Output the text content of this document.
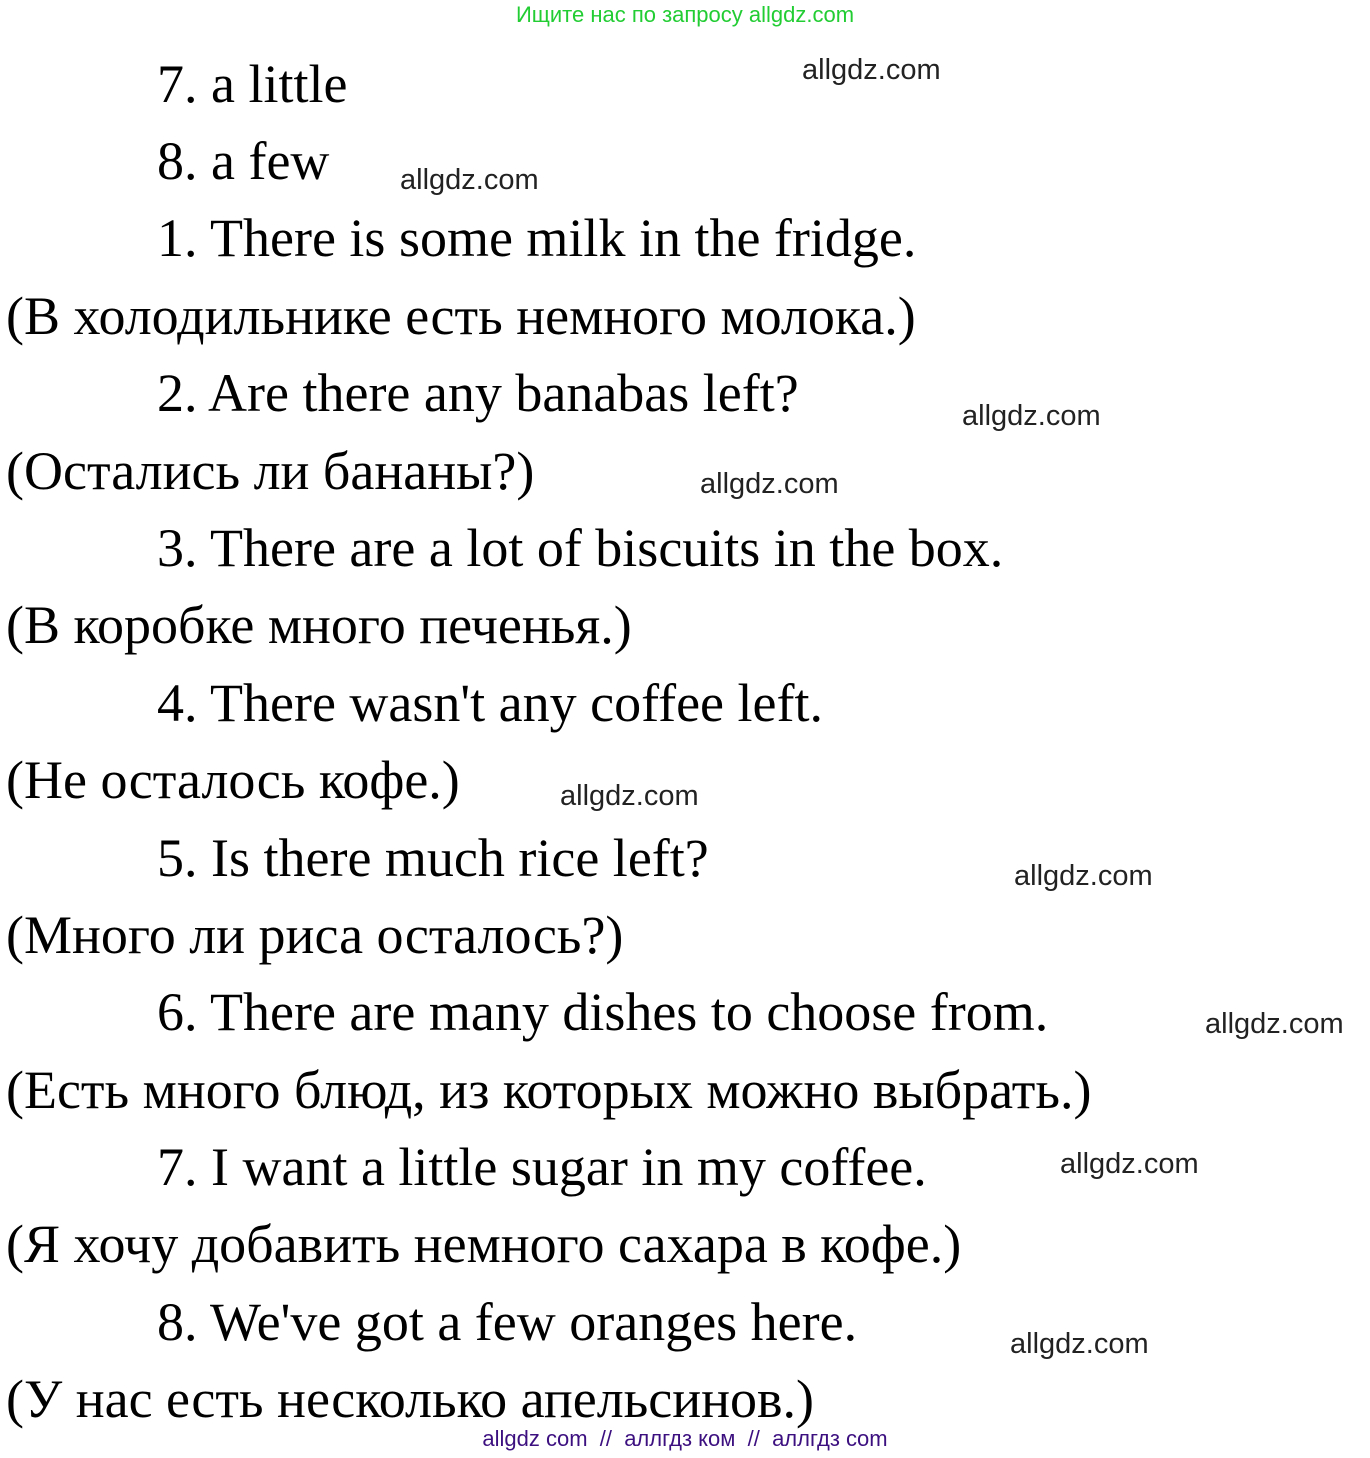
Ищите нас по запросу allgdz.com
7. a little
8. a few
1. There is some milk in the fridge.
(В холодильнике есть немного молока.)
2. Are there any banabas left?
(Остались ли бананы?)
3. There are a lot of biscuits in the box.
(В коробке много печенья.)
4. There wasn't any coffee left.
(Не осталось кофе.)
5. Is there much rice left?
(Много ли риса осталось?)
6. There are many dishes to choose from.
(Есть много блюд, из которых можно выбрать.)
7. I want a little sugar in my coffee.
(Я хочу добавить немного сахара в кофе.)
8. We've got a few oranges here.
(У нас есть несколько апельсинов.)
allgdz.com
allgdz.com
allgdz.com
allgdz.com
allgdz.com
allgdz.com
allgdz.com
allgdz.com
allgdz.com
allgdz com  //  аллгдз ком  //  аллгдз com
